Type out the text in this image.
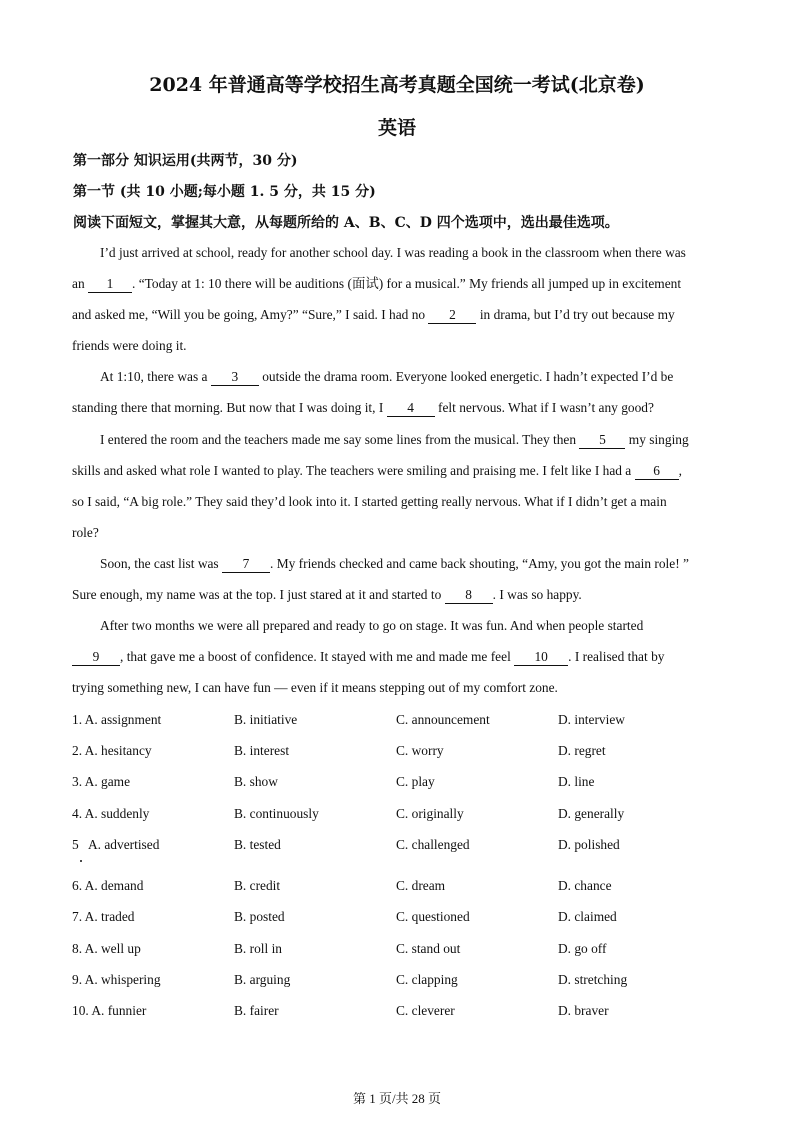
2024 年普通高等学校招生高考真题全国统一考试(北京卷)
英语
第一部分 知识运用(共两节，30 分)
第一节 (共 10 小题;每小题 1. 5 分，共 15 分)
阅读下面短文，掌握其大意，从每题所给的 A、B、C、D 四个选项中，选出最佳选项。
I’d just arrived at school, ready for another school day. I was reading a book in the classroom when there was
an 1 . “Today at 1: 10 there will be auditions (面试) for a musical.” My friends all jumped up in excitement
and asked me, “Will you be going, Amy?” “Sure,” I said. I had no 2 in drama, but I’d try out because my
friends were doing it.
At 1:10, there was a 3 outside the drama room. Everyone looked energetic. I hadn’t expected I’d be
standing there that morning. But now that I was doing it, I 4 felt nervous. What if I wasn’t any good?
I entered the room and the teachers made me say some lines from the musical. They then 5 my singing
skills and asked what role I wanted to play. The teachers were smiling and praising me. I felt like I had a 6 ,
so I said, “A big role.” They said they’d look into it. I started getting really nervous. What if I didn’t get a main
role?
Soon, the cast list was 7 . My friends checked and came back shouting, “Amy, you got the main role! ”
Sure enough, my name was at the top. I just stared at it and started to 8 . I was so happy.
After two months we were all prepared and ready to go on stage. It was fun. And when people started
9 , that gave me a boost of confidence. It stayed with me and made me feel 10 . I realised that by
trying something new, I can have fun — even if it means stepping out of my comfort zone.
1. A. assignment	B. initiative	C. announcement	D. interview
2. A. hesitancy	B. interest	C. worry	D. regret
3. A. game	B. show	C. play	D. line
4. A. suddenly	B. continuously	C. originally	D. generally
5   A. advertised	B. tested	C. challenged	D. polished
6. A. demand	B. credit	C. dream	D. chance
7. A. traded	B. posted	C. questioned	D. claimed
8. A. well up	B. roll in	C. stand out	D. go off
9. A. whispering	B. arguing	C. clapping	D. stretching
10. A. funnier	B. fairer	C. cleverer	D. braver
第 1 页/共 28 页
